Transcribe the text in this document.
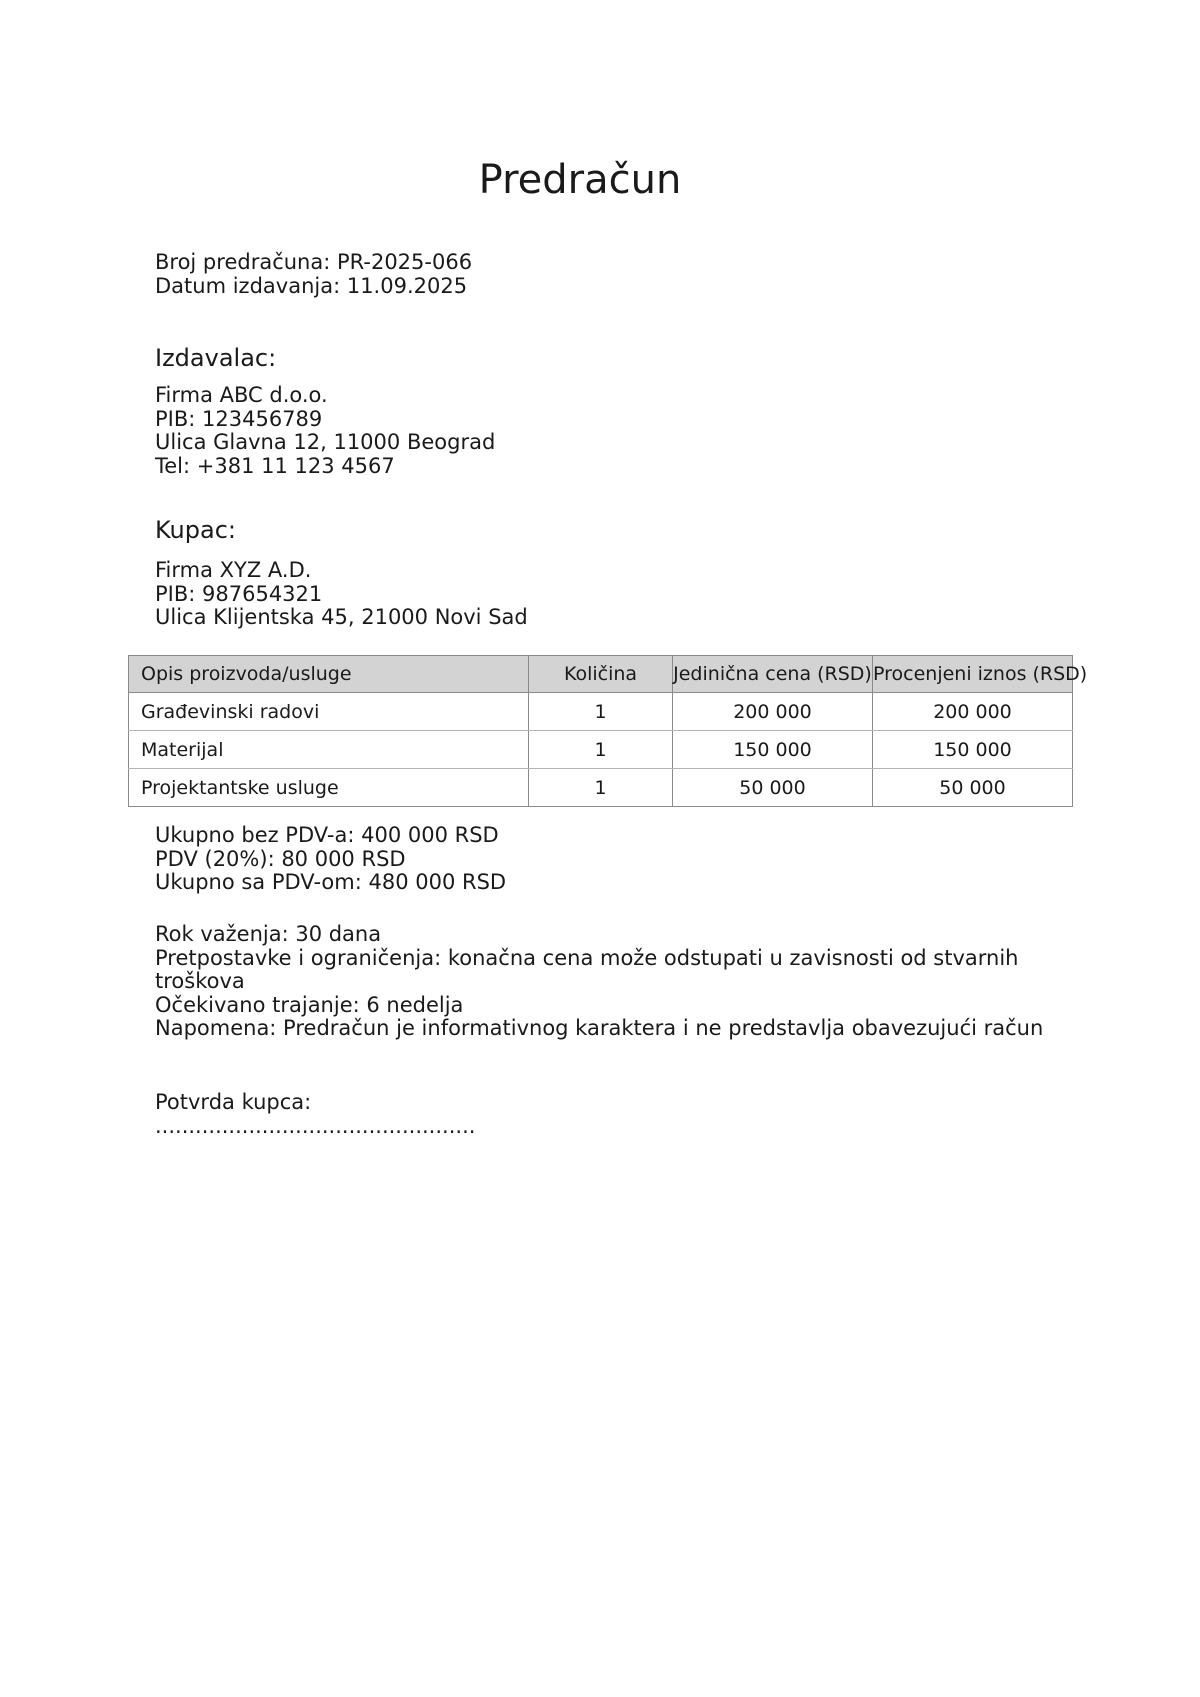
Predračun
Broj predračuna: PR-2025-066
Datum izdavanja: 11.09.2025
Izdavalac:
Firma ABC d.o.o.
PIB: 123456789
Ulica Glavna 12, 11000 Beograd
Tel: +381 11 123 4567
Kupac:
Firma XYZ A.D.
PIB: 987654321
Ulica Klijentska 45, 21000 Novi Sad
Opis proizvoda/usluge	Količina	Jedinična cena (RSD)	Procenjeni iznos (RSD)
Građevinski radovi	1	200 000	200 000
Materijal	1	150 000	150 000
Projektantske usluge	1	50 000	50 000
Ukupno bez PDV-a: 400 000 RSD
PDV (20%): 80 000 RSD
Ukupno sa PDV-om: 480 000 RSD
Rok važenja: 30 dana
Pretpostavke i ograničenja: konačna cena može odstupati u zavisnosti od stvarnih troškova
Očekivano trajanje: 6 nedelja
Napomena: Predračun je informativnog karaktera i ne predstavlja obavezujući račun
Potvrda kupca:
................................................
